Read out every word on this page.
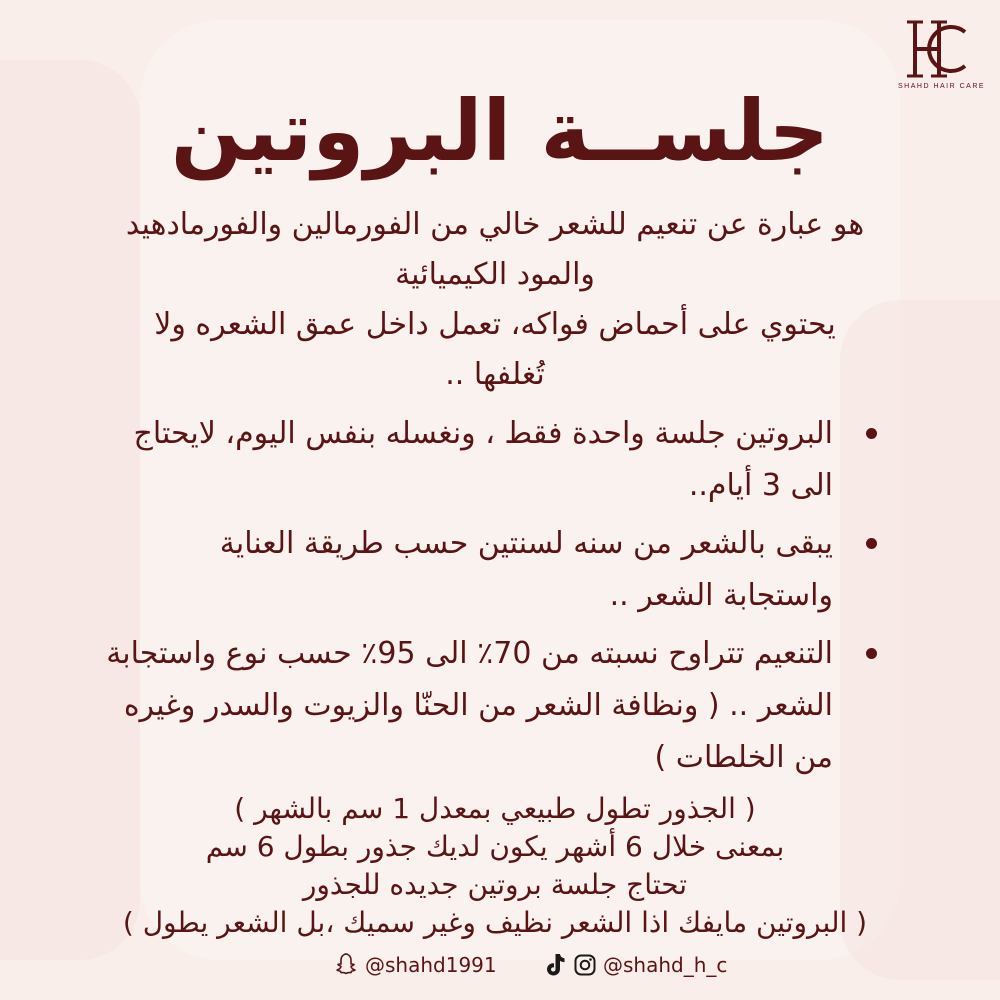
SHAHD HAIR CARE
جلســة البروتين

هو عبارة عن تنعيم للشعر خالي من الفورمالين والفورمادهيد

والمود الكيميائية

يحتوي على أحماض فواكه، تعمل داخل عمق الشعره ولا

تُغلفها ..

البروتين جلسة واحدة فقط ، ونغسله بنفس اليوم، لايحتاج الى 3 أيام..
يبقى بالشعر من سنه لسنتين حسب طريقة العناية واستجابة الشعر ..
التنعيم تتراوح نسبته من 70٪ الى 95٪ حسب نوع واستجابة الشعر .. ( ونظافة الشعر من الحنّا والزيوت والسدر وغيره من الخلطات )

( الجذور تطول طبيعي بمعدل 1 سم بالشهر )

بمعنى خلال 6 أشهر يكون لديك جذور بطول 6 سم

تحتاج جلسة بروتين جديده للجذور

( البروتين مايفك اذا الشعر نظيف وغير سميك ،بل الشعر يطول )

@shahd1991	@shahd_h_c
